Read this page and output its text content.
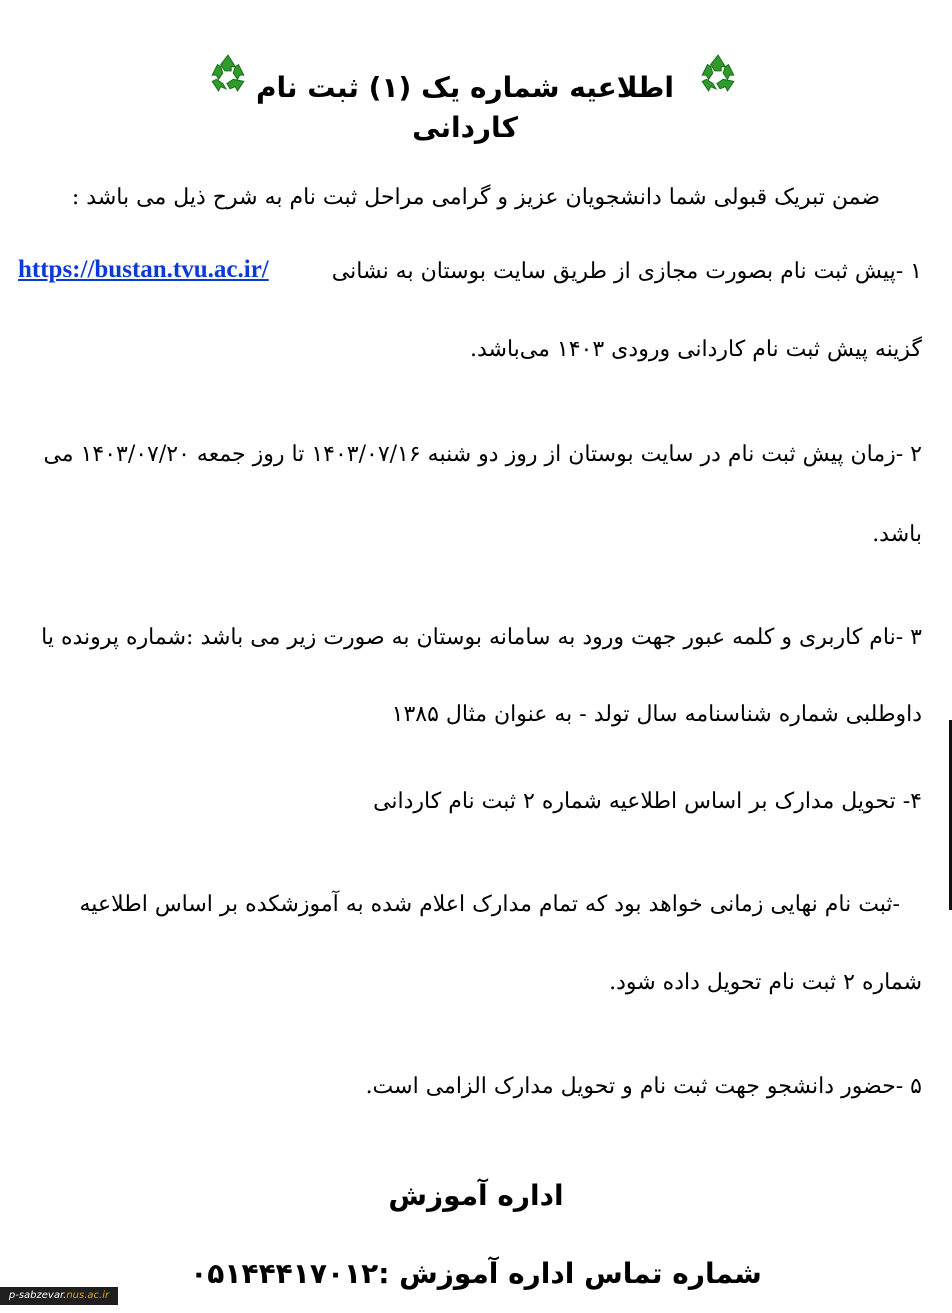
اطلاعیه شماره یک (۱) ثبت نام کاردانی
ضمن تبریک قبولی شما دانشجویان عزیز و گرامی مراحل ثبت نام به شرح ذیل می باشد :
۱ -پیش ثبت نام بصورت مجازی از طریق سایت بوستان به نشانی
https://bustan.tvu.ac.ir/
گزینه پیش ثبت نام کاردانی ورودی ۱۴۰۳ می‌باشد.
۲ -زمان پیش ثبت نام در سایت بوستان از روز دو شنبه ۱۴۰۳/۰۷/۱۶ تا روز جمعه ۱۴۰۳/۰۷/۲۰ می
باشد.
۳ -نام کاربری و کلمه عبور جهت ورود به سامانه بوستان به صورت زیر می باشد :شماره پرونده یا
داوطلبی شماره شناسنامه سال تولد - به عنوان مثال ۱۳۸۵
۴- تحویل مدارک بر اساس اطلاعیه شماره ۲ ثبت نام کاردانی
-ثبت نام نهایی زمانی خواهد بود که تمام مدارک اعلام شده به آموزشکده بر اساس اطلاعیه
شماره ۲ ثبت نام تحویل داده شود.
۵ -حضور دانشجو جهت ثبت نام و تحویل مدارک الزامی است.
اداره آموزش
شماره تماس اداره آموزش :۰۵۱۴۴۴۱۷۰۱۲
p-sabzevar.nus.ac.ir
